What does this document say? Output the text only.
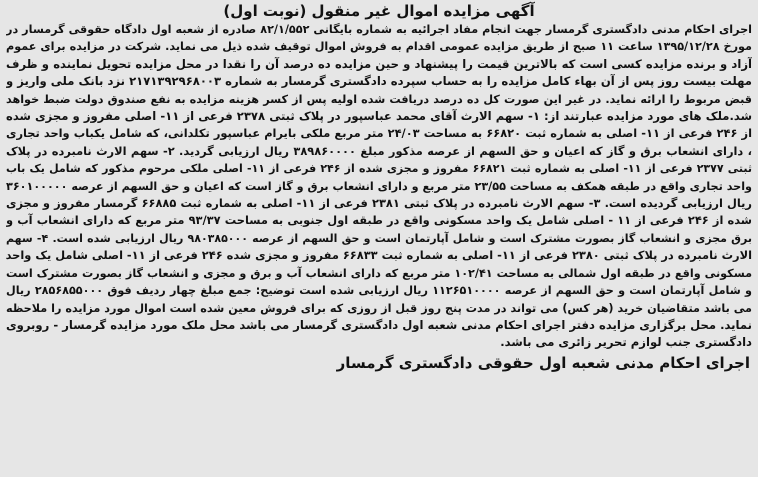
آگهی مزایده اموال غیر منقول (نوبت اول)
اجرای احکام مدنی دادگستری گرمسار جهت انجام مفاد اجرائیه به شماره بایگانی ۸۲/۱/۵۵۲ صادره از شعبه اول دادگاه حقوقی گرمسار در
مورخ ۱۳۹۵/۱۲/۲۸ ساعت ۱۱ صبح از طریق مزایده عمومی اقدام به فروش اموال توقیف شده ذیل می نماید. شرکت در مزایده برای عموم
آزاد و برنده مزایده کسی است که بالاترین قیمت را پیشنهاد و حین مزایده ده درصد آن را نقدا در محل مزایده تحویل نماینده و ظرف
مهلت بیست روز پس از آن بهاء کامل مزایده را به حساب سپرده دادگستری گرمسار به شماره ۲۱۷۱۳۹۲۹۶۸۰۰۳ نزد بانک ملی واریز و
قبض مربوط را ارائه نماید. در غیر این صورت کل ده درصد دریافت شده اولیه پس از کسر هزینه مزایده به نفع صندوق دولت ضبط خواهد
شد.ملک های مورد مزایده عبارتند از: ۱- سهم الارث آقای محمد عباسپور در پلاک ثبتی ۲۳۷۸ فرعی از ۱۱- اصلی مفروز و مجزی شده
از ۲۴۶ فرعی از ۱۱- اصلی به شماره ثبت ۶۶۸۲۰ به مساحت ۲۴/۰۳ متر مربع ملکی بایرام عباسپور تکلدانی، که شامل یکباب واحد تجاری
، دارای انشعاب برق و گاز که اعیان و حق السهم از عرصه مذکور مبلغ ۳۸۹۸۶۰۰۰۰ ریال ارزیابی گردید. ۲- سهم الارث نامبرده در پلاک
ثبتی ۲۳۷۷ فرعی از ۱۱- اصلی به شماره ثبت ۶۶۸۲۱ مفروز و مجزی شده از ۲۴۶ فرعی از ۱۱- اصلی ملکی مرحوم مذکور که شامل یک باب
واحد تجاری واقع در طبقه همکف به مساحت ۲۳/۵۵ متر مربع و دارای انشعاب برق و گاز است که اعیان و حق السهم از عرصه ۳۶۰۱۰۰۰۰۰
ریال ارزیابی گردیده است. ۳- سهم الارث نامبرده در پلاک ثبتی ۲۳۸۱ فرعی از ۱۱- اصلی به شماره ثبت ۶۶۸۸۵ گرمسار مفروز و مجزی
شده از ۲۴۶ فرعی از ۱۱ - اصلی شامل یک واحد مسکونی واقع در طبقه اول جنوبی به مساحت ۹۳/۳۷ متر مربع که دارای انشعاب آب و
برق مجزی و انشعاب گاز بصورت مشترک است و شامل آپارتمان است و حق السهم از عرصه ۹۸۰۳۸۵۰۰۰ ریال ارزیابی شده است. ۴- سهم
الارث نامبرده در پلاک ثبتی ۲۳۸۰ فرعی از ۱۱- اصلی به شماره ثبت ۶۶۸۳۳ مفروز و مجزی شده ۲۴۶ فرعی از ۱۱- اصلی شامل یک واحد
مسکونی واقع در طبقه اول شمالی به مساحت ۱۰۲/۴۱ متر مربع که دارای انشعاب آب و برق و مجزی و انشعاب گاز بصورت مشترک است
و شامل آپارتمان است و حق السهم از عرصه ۱۱۲۶۵۱۰۰۰۰ ریال ارزیابی شده است توضیح: جمع مبلغ چهار ردیف فوق ۲۸۵۶۸۵۵۰۰۰ ریال
می باشد متقاضیان خرید (هر کس) می تواند در مدت پنج روز قبل از روزی که برای فروش معین شده است اموال مورد مزایده را ملاحظه
نماید. محل برگزاری مزایده دفتر اجرای احکام مدنی شعبه اول دادگستری گرمسار می باشد محل ملک مورد مزایده گرمسار - روبروی
دادگستری جنب لوازم تحریر زائری می باشد.
اجرای احکام مدنی شعبه اول حقوقی دادگستری گرمسار
